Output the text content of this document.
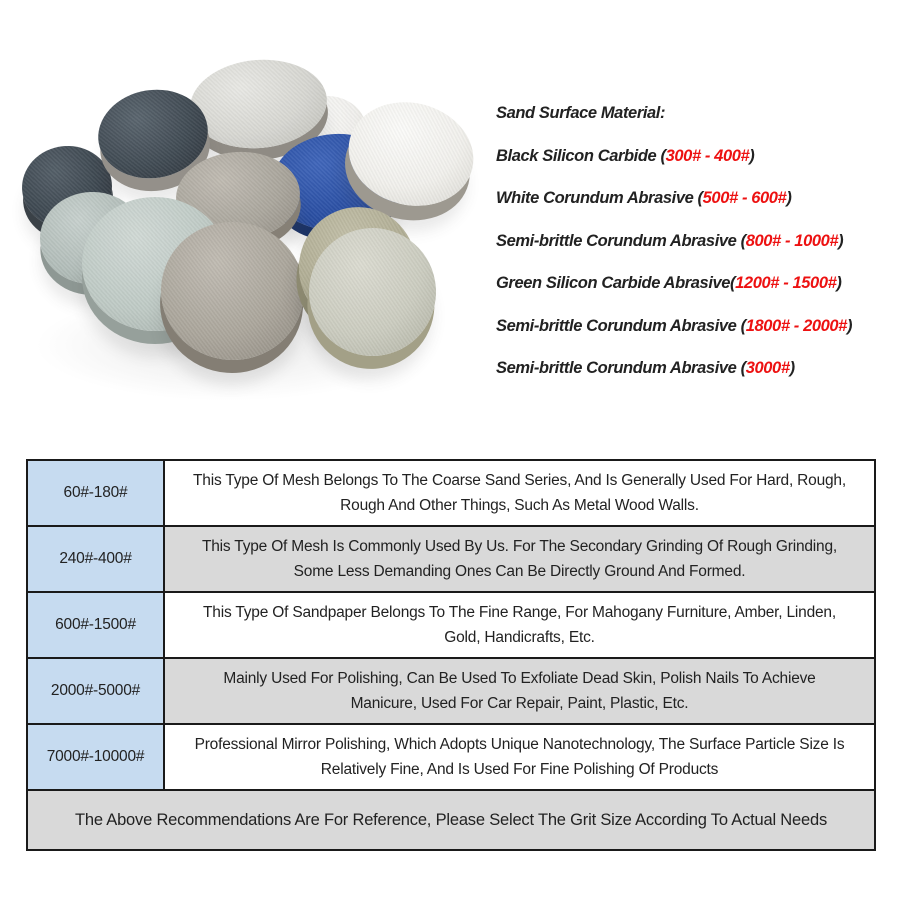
Sand Surface Material:
Black Silicon Carbide (300# - 400#)
White Corundum Abrasive (500# - 600#)
Semi-brittle Corundum Abrasive (800# - 1000#)
Green Silicon Carbide Abrasive(1200# - 1500#)
Semi-brittle Corundum Abrasive (1800# - 2000#)
Semi-brittle Corundum Abrasive (3000#)
60#-180#
This Type Of Mesh Belongs To The Coarse Sand Series, And Is Generally Used For Hard, Rough, Rough And Other Things, Such As Metal Wood Walls.
240#-400#
This Type Of Mesh Is Commonly Used By Us. For The Secondary Grinding Of Rough Grinding, Some Less Demanding Ones Can Be Directly Ground And Formed.
600#-1500#
This Type Of Sandpaper Belongs To The Fine Range, For Mahogany Furniture, Amber, Linden, Gold, Handicrafts, Etc.
2000#-5000#
Mainly Used For Polishing, Can Be Used To Exfoliate Dead Skin, Polish Nails To Achieve Manicure, Used For Car Repair, Paint, Plastic, Etc.
7000#-10000#
Professional Mirror Polishing, Which Adopts Unique Nanotechnology, The Surface Particle Size Is Relatively Fine, And Is Used For Fine Polishing Of Products
The Above Recommendations Are For Reference, Please Select The Grit Size According To Actual Needs
